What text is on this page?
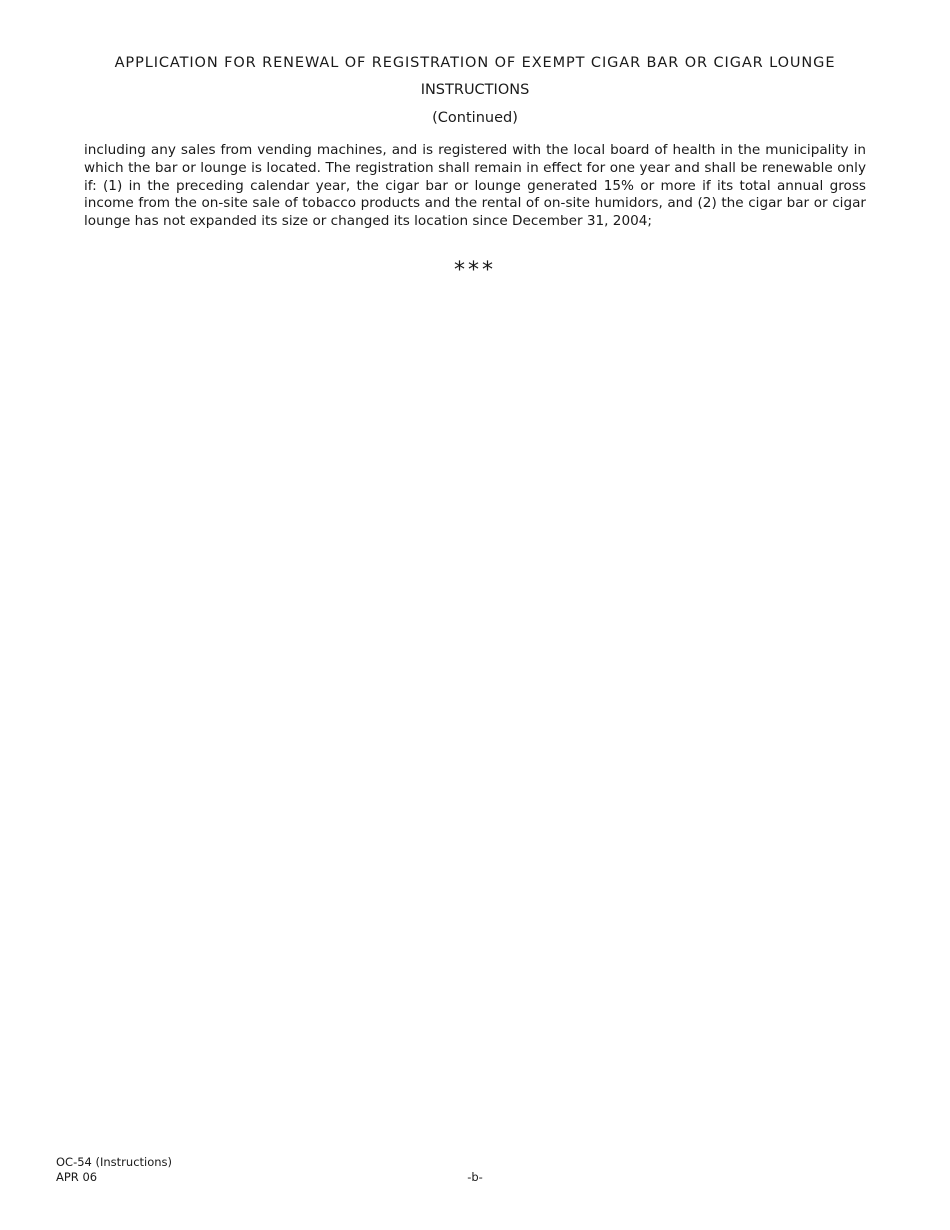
APPLICATION FOR RENEWAL OF REGISTRATION OF EXEMPT CIGAR BAR OR CIGAR LOUNGE
INSTRUCTIONS
(Continued)

including any sales from vending machines, and is registered with the local board of health in the municipality in which the bar or lounge is located. The registration shall remain in effect for one year and shall be renewable only if: (1) in the preceding calendar year, the cigar bar or lounge generated 15% or more if its total annual gross income from the on-site sale of tobacco products and the rental of on-site humidors, and (2) the cigar bar or cigar lounge has not expanded its size or changed its location since December 31, 2004;

***
OC-54 (Instructions)
APR 06	-b-
